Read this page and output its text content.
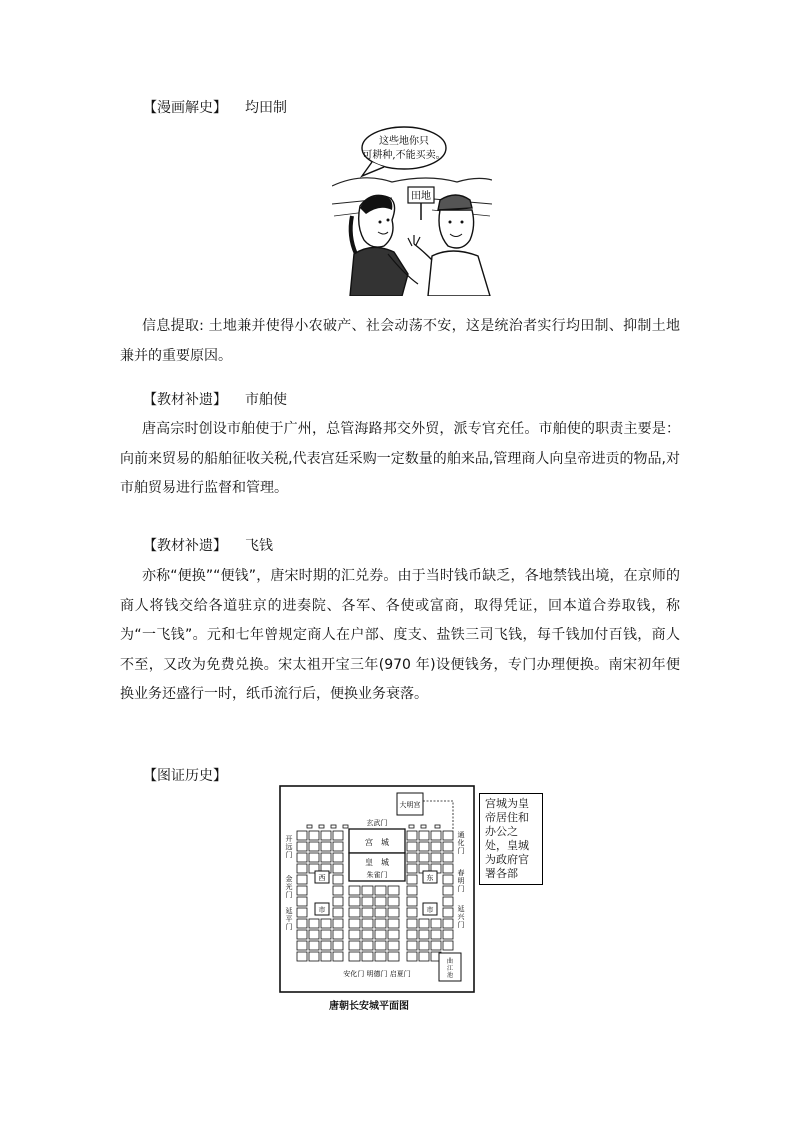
【漫画解史】 均田制
这些地你只
可耕种,不能买卖。
田地
信息提取: 土地兼并使得小农破产、社会动荡不安，这是统治者实行均田制、抑制土地兼并的重要原因。
【教材补遗】 市舶使
唐高宗时创设市舶使于广州，总管海路邦交外贸，派专官充任。市舶使的职责主要是：向前来贸易的船舶征收关税,代表宫廷采购一定数量的舶来品,管理商人向皇帝进贡的物品,对市舶贸易进行监督和管理。
【教材补遗】 飞钱
亦称“便换”“便钱”，唐宋时期的汇兑券。由于当时钱币缺乏，各地禁钱出境，在京师的商人将钱交给各道驻京的进奏院、各军、各使或富商，取得凭证，回本道合券取钱，称为“一飞钱”。元和七年曾规定商人在户部、度支、盐铁三司飞钱，每千钱加付百钱，商人不至，又改为免费兑换。宋太祖开宝三年(970 年)设便钱务，专门办理便换。南宋初年便换业务还盛行一时，纸币流行后，便换业务衰落。
【图证历史】
大明宫
玄武门
宫　城
皇　城
朱雀门
西
市
东
市
开远门
金光门
延平门
通化门
春明门
延兴门
曲江池
安化门 明德门 启夏门
宫城为皇帝居住和办公之处，皇城为政府官署各部
唐朝长安城平面图
